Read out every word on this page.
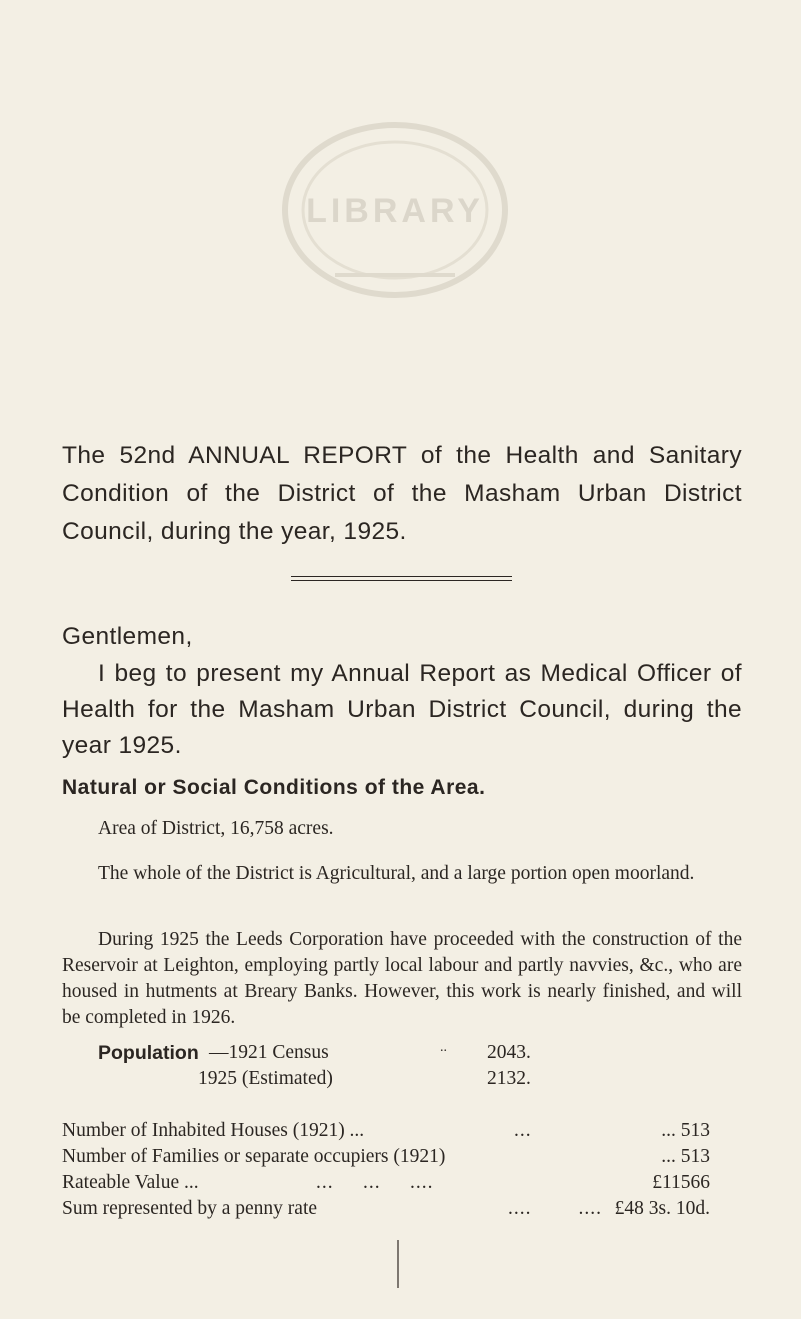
LIBRARY
The 52nd ANNUAL REPORT of the Health and Sanitary Condition of the District of the Masham Urban District Council, during the year, 1925.
Gentlemen,
I beg to present my Annual Report as Medical Officer of Health for the Masham Urban District Council, during the year 1925.
Natural or Social Conditions of the Area.
Area of District, 16,758 acres.
The whole of the District is Agricultural, and a large portion open moorland.
During 1925 the Leeds Corporation have proceeded with the construction of the Reservoir at Leighton, employing partly local labour and partly navvies, &c., who are housed in hutments at Breary Banks. However, this work is nearly finished, and will be completed in 1926.
Population —1921 Census	.. 2043.
1925 (Estimated)	2132.
Number of Inhabited Houses (1921) ...	...	... 513
Number of Families or separate occupiers (1921)	... 513
Rateable Value ...	...     ...     ....	£11566
Sum represented by a penny rate	....        .... £48 3s. 10d.
